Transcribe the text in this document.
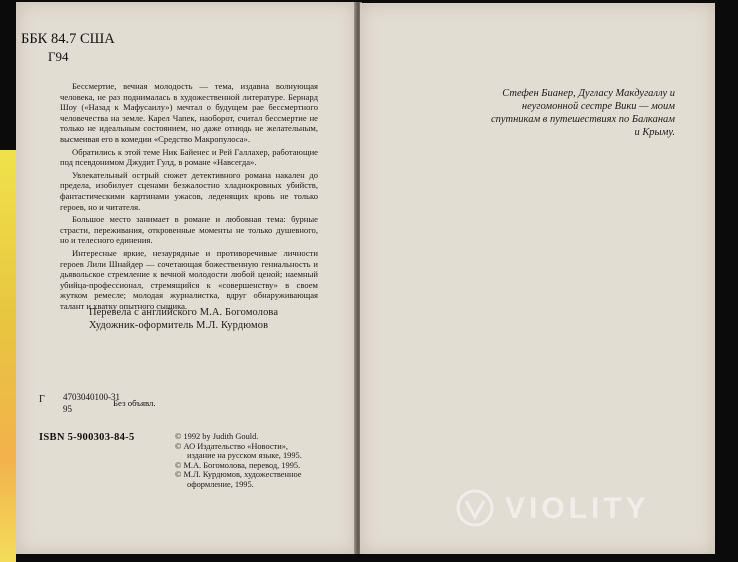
ББК 84.7 США
Г94

Бессмертие, вечная молодость — тема, издавна волнующая человека, не раз поднималась в художественной литературе. Бернард Шоу («Назад к Мафусаилу») мечтал о будущем рае бессмертного человечества на земле. Карел Чапек, наоборот, считал бессмертие не только не идеальным состоянием, но даже отнюдь не желательным, высмеивая его в комедии «Средство Макропулоса».

Обратились к этой теме Ник Байенес и Рей Галлахер, работающие под псевдонимом Джудит Гулд, в романе «Навсегда».

Увлекательный острый сюжет детективного романа накален до предела, изобилует сценами безжалостно хладнокровных убийств, фантастическими картинами ужасов, леденящих кровь не только героев, но и читателя.

Большое место занимает в романе и любовная тема: бурные страсти, переживания, откровенные моменты не только душевного, но и телесного единения.

Интересные яркие, незаурядные и противоречивые личности героев Лили Шнайдер — сочетающая божественную гениальность и дьявольское стремление к вечной молодости любой ценой; наемный убийца-профессионал, стремящийся к «совершенству» в своем жутком ремесле; молодая журналистка, вдруг обнаруживающая талант и хватку опытного сыщика.

Перевела с английского М.А. Богомолова
Художник-оформитель М.Л. Курдюмов
Г 4703040100-31
95
Без объявл.
ISBN 5-900303-84-5	© 1992 by Judith Gould.
© АО Издательство «Новости»,
издание на русском языке, 1995.
© М.А. Богомолова, перевод, 1995.
© М.Л. Курдюмов, художественное
оформление, 1995.
Стефен Бианер, Дугласу Макдугаллу и
неугомонной сестре Вики — моим
спутникам в путешествиях по Балканам
и Крыму.
VIOLITY
